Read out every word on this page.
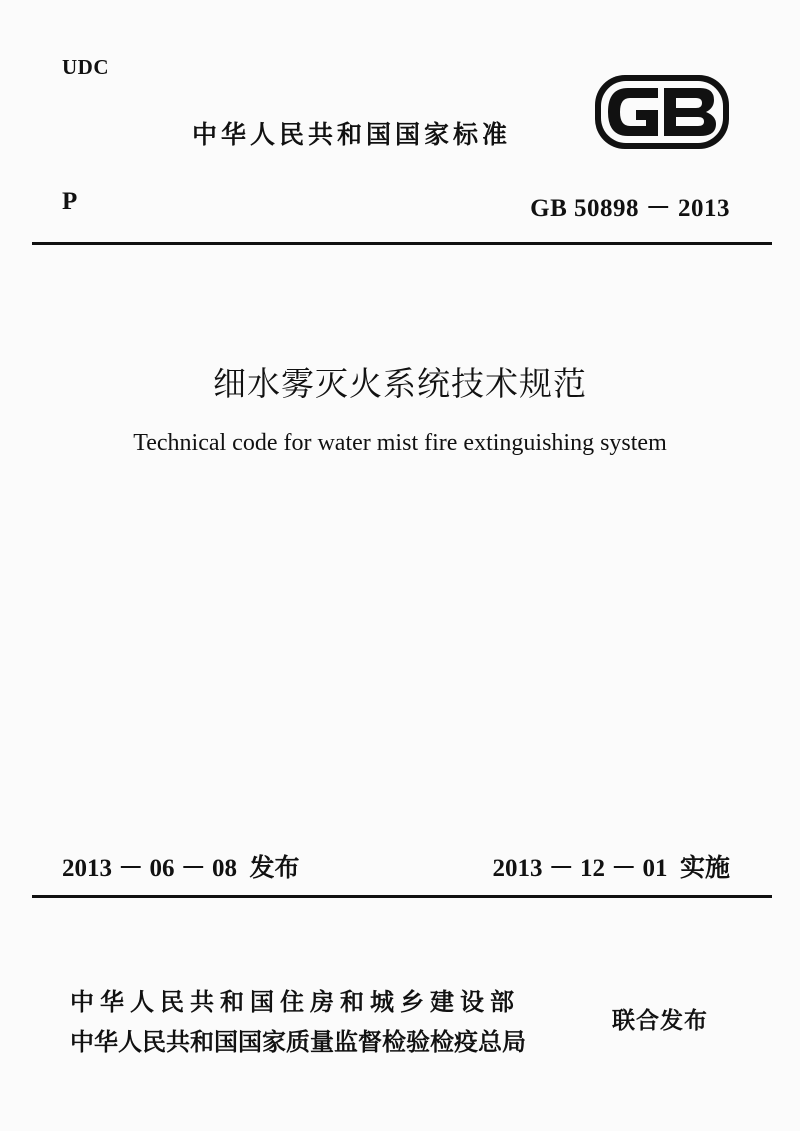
UDC
中华人民共和国国家标准
P	GB 50898 － 2013
细水雾灭火系统技术规范
Technical code for water mist fire extinguishing system
2013 － 06 － 08 发布	2013 － 12 － 01 实施
中华人民共和国住房和城乡建设部
中华人民共和国国家质量监督检验检疫总局
联合发布
